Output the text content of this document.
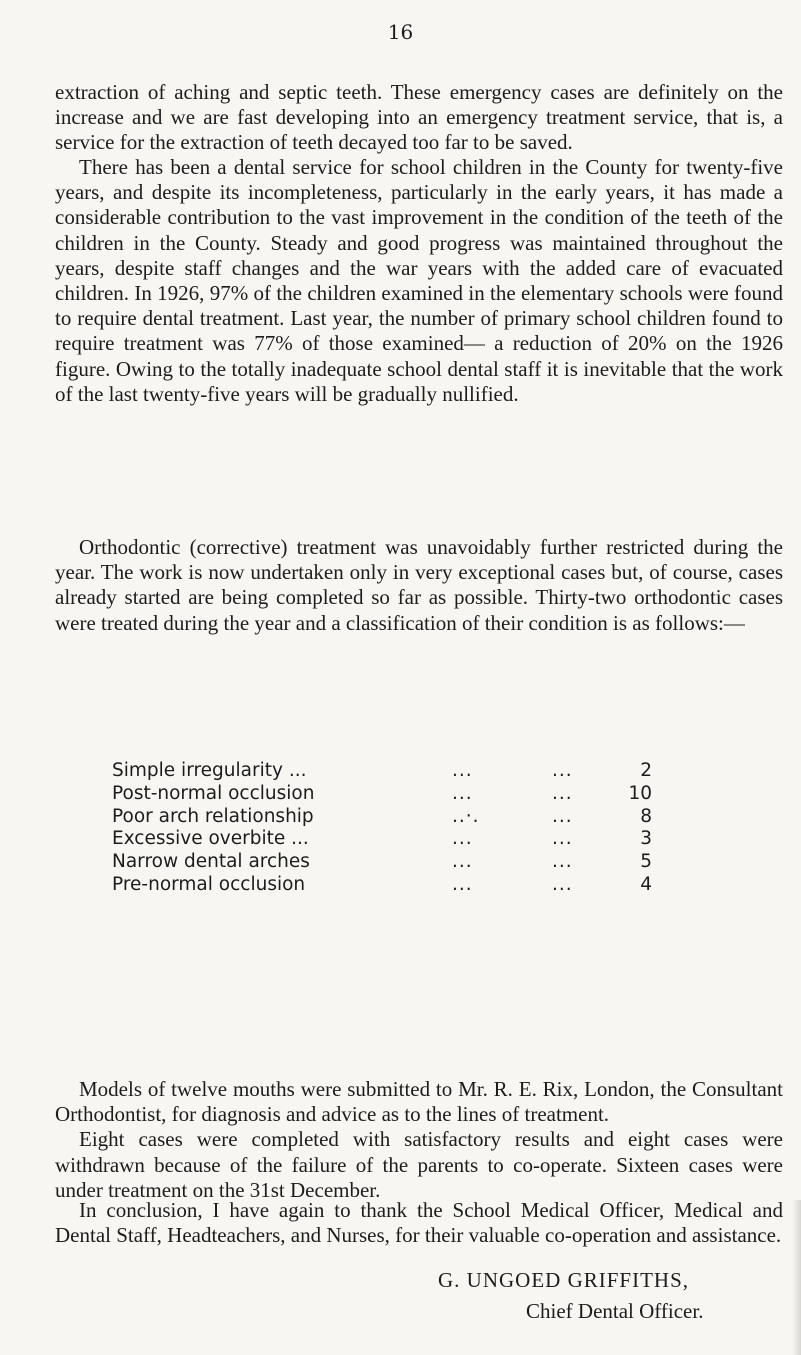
16

extraction of aching and septic teeth. These emergency cases are definitely on the increase and we are fast developing into an emergency treatment service, that is, a service for the extraction of teeth decayed too far to be saved.

There has been a dental service for school children in the County for twenty-five years, and despite its incompleteness, particularly in the early years, it has made a considerable contribution to the vast improvement in the condition of the teeth of the children in the County. Steady and good progress was maintained throughout the years, despite staff changes and the war years with the added care of evacuated children. In 1926, 97% of the children examined in the elementary schools were found to require dental treatment. Last year, the number of primary school children found to require treatment was 77% of those examined— a reduction of 20% on the 1926 figure. Owing to the totally inadequate school dental staff it is inevitable that the work of the last twenty-five years will be gradually nullified.

Orthodontic (corrective) treatment was unavoidably further restricted during the year. The work is now undertaken only in very exceptional cases but, of course, cases already started are being completed so far as possible. Thirty-two orthodontic cases were treated during the year and a classification of their condition is as follows:—

Simple irregularity ...	...	...	2
Post-normal occlusion	...	...	10
Poor arch relationship	..·.	...	8
Excessive overbite ...	...	...	3
Narrow dental arches	...	...	5
Pre-normal occlusion	...	...	4

Models of twelve mouths were submitted to Mr. R. E. Rix, London, the Consultant Orthodontist, for diagnosis and advice as to the lines of treatment.

Eight cases were completed with satisfactory results and eight cases were withdrawn because of the failure of the parents to co-operate. Sixteen cases were under treatment on the 31st December.

In conclusion, I have again to thank the School Medical Officer, Medical and Dental Staff, Headteachers, and Nurses, for their valuable co-operation and assistance.

G. UNGOED GRIFFITHS,
Chief Dental Officer.
